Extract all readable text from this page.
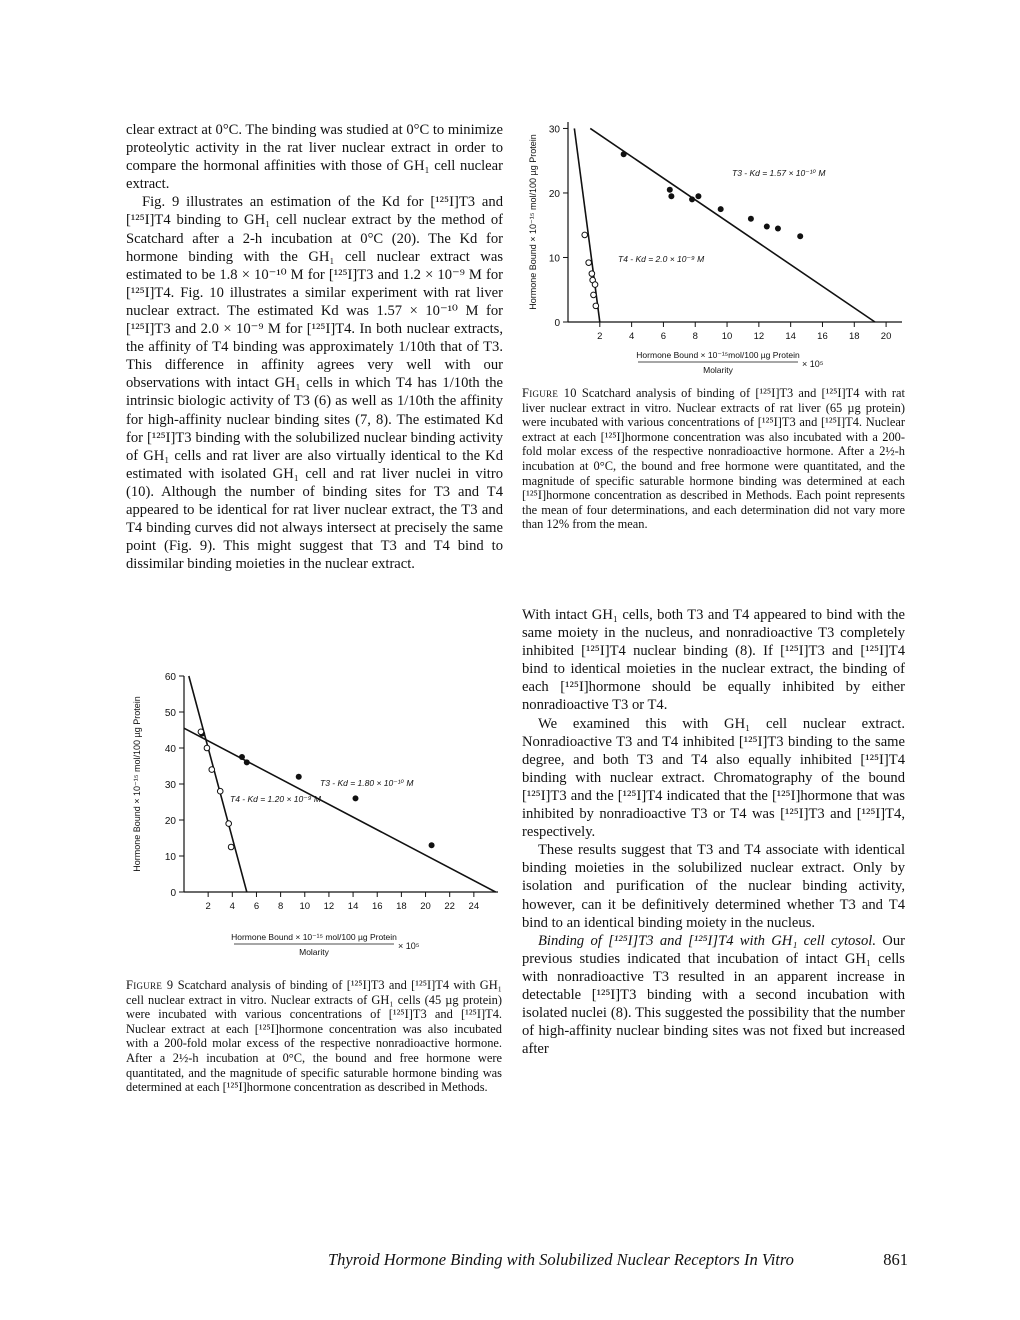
clear extract at 0°C. The binding was studied at 0°C to minimize proteolytic activity in the rat liver nuclear extract in order to compare the hormonal affinities with those of GH₁ cell nuclear extract.

Fig. 9 illustrates an estimation of the Kd for [¹²⁵I]T3 and [¹²⁵I]T4 binding to GH₁ cell nuclear extract by the method of Scatchard after a 2-h incubation at 0°C (20). The Kd for hormone binding with the GH₁ cell nuclear extract was estimated to be 1.8 × 10⁻¹⁰ M for [¹²⁵I]T3 and 1.2 × 10⁻⁹ M for [¹²⁵I]T4. Fig. 10 illustrates a similar experiment with rat liver nuclear extract. The estimated Kd was 1.57 × 10⁻¹⁰ M for [¹²⁵I]T3 and 2.0 × 10⁻⁹ M for [¹²⁵I]T4. In both nuclear extracts, the affinity of T4 binding was approximately 1/10th that of T3. This difference in affinity agrees very well with our observations with intact GH₁ cells in which T4 has 1/10th the intrinsic biologic activity of T3 (6) as well as 1/10th the affinity for high-affinity nuclear binding sites (7, 8). The estimated Kd for [¹²⁵I]T3 binding with the solubilized nuclear binding activity of GH₁ cells and rat liver are also virtually identical to the Kd estimated with isolated GH₁ cell and rat liver nuclei in vitro (10). Although the number of binding sites for T3 and T4 appeared to be identical for rat liver nuclear extract, the T3 and T4 binding curves did not always intersect at precisely the same point (Fig. 9). This might suggest that T3 and T4 bind to dissimilar binding moieties in the nuclear extract.

0
10
20
30
2	4	6	8	10 12 14 16 18 20
Hormone Bound × 10⁻¹⁵ mol/100 µg Protein
Hormone Bound × 10⁻¹⁵mol/100 µg Protein
Molarity
× 10⁵
T3 - Kd = 1.57 × 10⁻¹⁰ M
T4 - Kd = 2.0 × 10⁻⁹ M
Figure 10 Scatchard analysis of binding of [¹²⁵I]T3 and [¹²⁵I]T4 with rat liver nuclear extract in vitro. Nuclear extracts of rat liver (65 µg protein) were incubated with various concentrations of [¹²⁵I]T3 and [¹²⁵I]T4. Nuclear extract at each [¹²⁵I]hormone concentration was also incubated with a 200-fold molar excess of the respective nonradioactive hormone. After a 2½-h incubation at 0°C, the bound and free hormone were quantitated, and the magnitude of specific saturable hormone binding was determined at each [¹²⁵I]hormone concentration as described in Methods. Each point represents the mean of four determinations, and each determination did not vary more than 12% from the mean.
0
10
20
30
40
50
60
2 4 6 8 10 12 14 16 18 20 22 24
Hormone Bound × 10⁻¹⁵ mol/100 µg Protein
Hormone Bound × 10⁻¹⁵ mol/100 µg Protein
Molarity
× 10⁵
T3 - Kd = 1.80 × 10⁻¹⁰ M
T4 - Kd = 1.20 × 10⁻⁹ M
Figure 9 Scatchard analysis of binding of [¹²⁵I]T3 and [¹²⁵I]T4 with GH₁ cell nuclear extract in vitro. Nuclear extracts of GH₁ cells (45 µg protein) were incubated with various concentrations of [¹²⁵I]T3 and [¹²⁵I]T4. Nuclear extract at each [¹²⁵I]hormone concentration was also incubated with a 200-fold molar excess of the respective nonradioactive hormone. After a 2½-h incubation at 0°C, the bound and free hormone were quantitated, and the magnitude of specific saturable hormone binding was determined at each [¹²⁵I]hormone concentration as described in Methods.

With intact GH₁ cells, both T3 and T4 appeared to bind with the same moiety in the nucleus, and nonradioactive T3 completely inhibited [¹²⁵I]T4 nuclear binding (8). If [¹²⁵I]T3 and [¹²⁵I]T4 bind to identical moieties in the nuclear extract, the binding of each [¹²⁵I]hormone should be equally inhibited by either nonradioactive T3 or T4.

We examined this with GH₁ cell nuclear extract. Nonradioactive T3 and T4 inhibited [¹²⁵I]T3 binding to the same degree, and both T3 and T4 also equally inhibited [¹²⁵I]T4 binding with nuclear extract. Chromatography of the bound [¹²⁵I]T3 and the [¹²⁵I]T4 indicated that the [¹²⁵I]hormone that was inhibited by nonradioactive T3 or T4 was [¹²⁵I]T3 and [¹²⁵I]T4, respectively.

These results suggest that T3 and T4 associate with identical binding moieties in the solubilized nuclear extract. Only by isolation and purification of the nuclear binding activity, however, can it be definitively determined whether T3 and T4 bind to an identical binding moiety in the nucleus.

Binding of [¹²⁵I]T3 and [¹²⁵I]T4 with GH₁ cell cytosol. Our previous studies indicated that incubation of intact GH₁ cells with nonradioactive T3 resulted in an apparent increase in detectable [¹²⁵I]T3 binding with a second incubation with isolated nuclei (8). This suggested the possibility that the number of high-affinity nuclear binding sites was not fixed but increased after

Thyroid Hormone Binding with Solubilized Nuclear Receptors In Vitro	861
